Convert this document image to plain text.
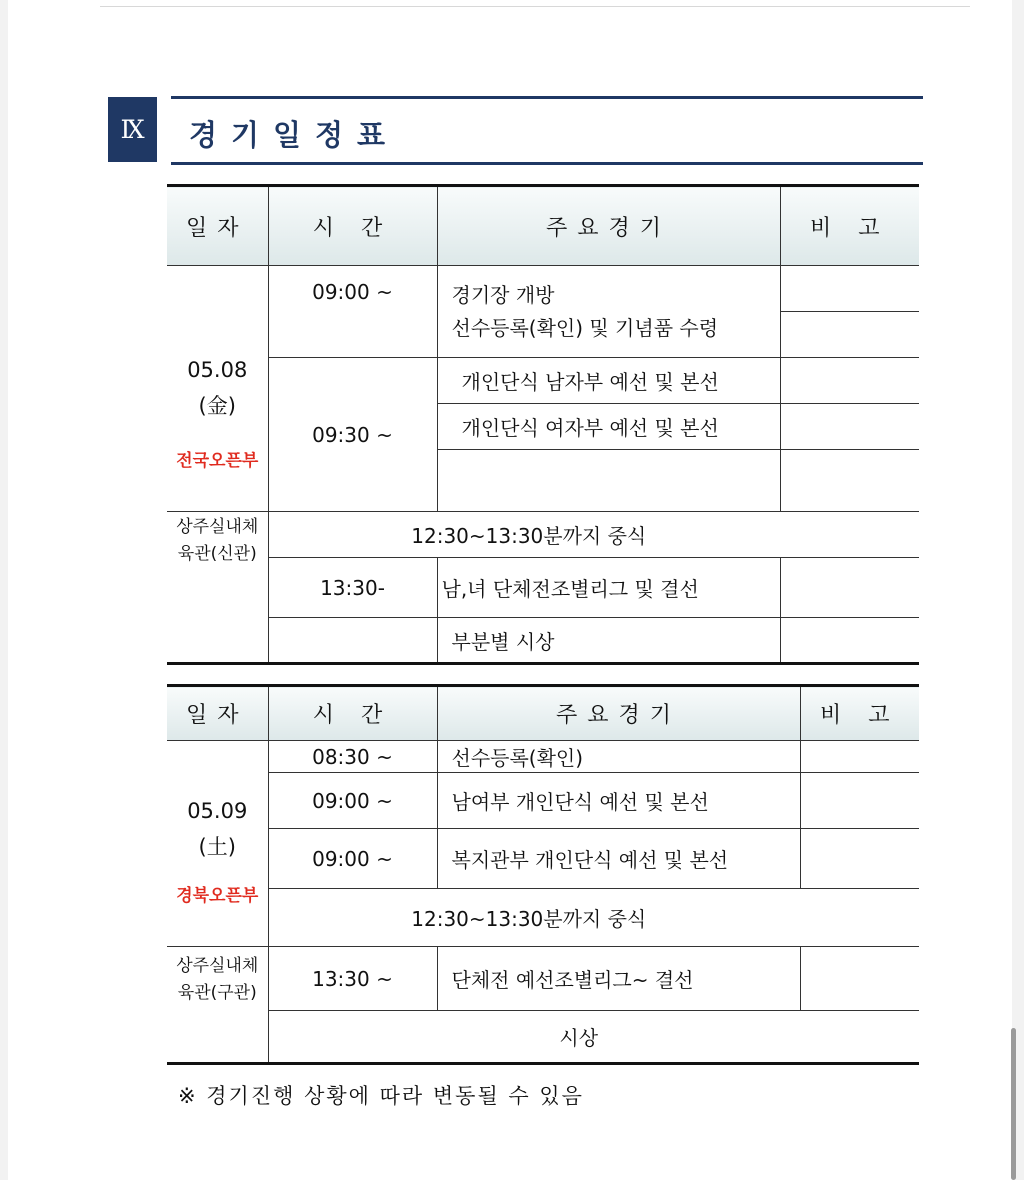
Ⅸ	경기일정표
일자	시 간	주요경기	비 고

05.08
(金)
전국오픈부	09:00 ~	경기장 개방
선수등록(확인) 및 기념품 수령	

	09:30 ~	개인단식 남자부 예선 및 본선	
		개인단식 여자부 예선 및 본선	

상주실내체
육관(신관)	12:30~13:30분까지 중식		
	13:30-	남,녀 단체전조별리그 및 결선	
		부분별 시상	
일자	시 간	주요경기	비 고

05.09
(土)
경북오픈부	08:30 ~	선수등록(확인)	
	09:00 ~	남여부 개인단식 예선 및 본선	
	09:00 ~	복지관부 개인단식 예선 및 본선	
	12:30~13:30분까지 중식		

상주실내체
육관(구관)	13:30 ~	단체전 예선조별리그~ 결선	
	시상		
※ 경기진행 상황에 따라 변동될 수 있음
